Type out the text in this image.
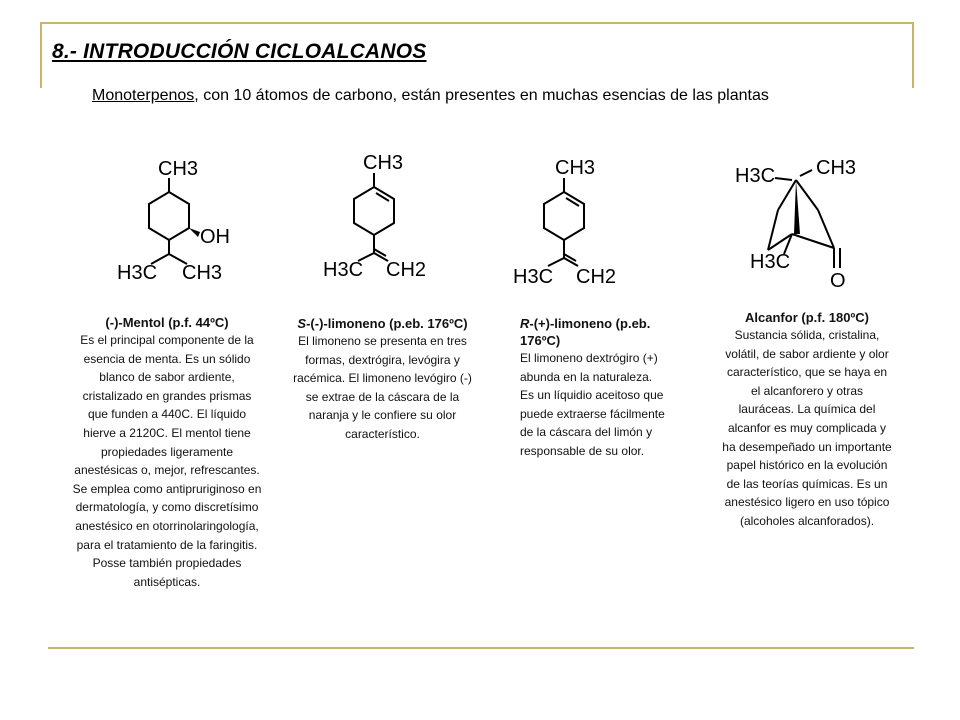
8.- INTRODUCCIÓN CICLOALCANOS
Monoterpenos, con 10 átomos de carbono, están presentes en muchas esencias de las plantas
CH3
OH
H3C CH3
CH3
H3C CH2
CH3
H3C CH2
H3C CH3
H3C
O
(-)-Mentol (p.f. 44ºC)
Es el principal componente de la esencia de menta. Es un sólido blanco de sabor ardiente, cristalizado en grandes prismas que funden a 440C. El líquido hierve a 2120C. El mentol tiene propiedades ligeramente anestésicas o, mejor, refrescantes. Se emplea como antipruriginoso en dermatología, y como discretísimo anestésico en otorrinolaringología, para el tratamiento de la faringitis. Posse también propiedades antisépticas.
S-(-)-limoneno (p.eb. 176ºC)
El limoneno se presenta en tres formas, dextrógira, levógira y racémica. El limoneno levógiro (-) se extrae de la cáscara de la naranja y le confiere su olor característico.
R-(+)-limoneno (p.eb. 176ºC)
El limoneno dextrógiro (+) abunda en la naturaleza. Es un líquidio aceitoso que puede extraerse fácilmente de la cáscara del limón y responsable de su olor.
Alcanfor (p.f. 180ºC)
Sustancia sólida, cristalina, volátil, de sabor ardiente y olor característico, que se haya en el alcanforero y otras lauráceas. La química del alcanfor es muy complicada y ha desempeñado un importante papel histórico en la evolución de las teorías químicas. Es un anestésico ligero en uso tópico (alcoholes alcanforados).
